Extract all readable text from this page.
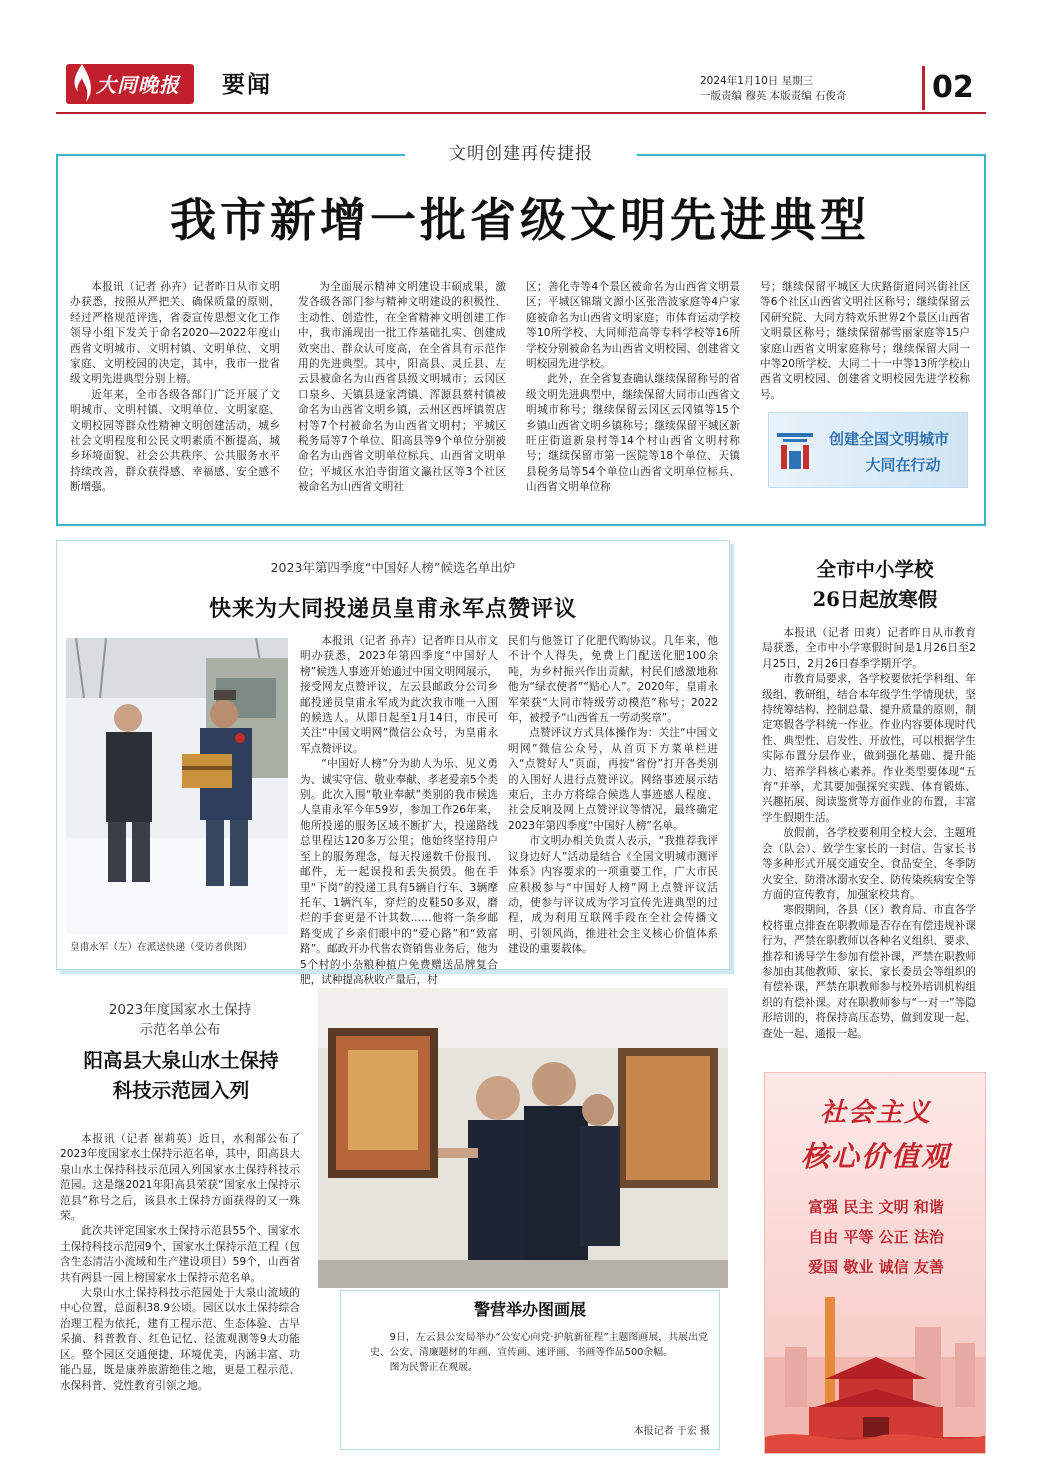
大同晚报	要闻	2024年1月10日 星期三
一版责编 穆英 本版责编 石俊奇	02
文明创建再传捷报
我市新增一批省级文明先进典型

本报讯（记者 孙卉）记者昨日从市文明办获悉，按照从严把关、确保质量的原则，经过严格规范评选，省委宣传思想文化工作领导小组下发关于命名2020—2022年度山西省文明城市、文明村镇、文明单位、文明家庭、文明校园的决定，其中，我市一批省级文明先进典型分别上榜。

近年来，全市各级各部门广泛开展了文明城市、文明村镇、文明单位、文明家庭、文明校园等群众性精神文明创建活动，城乡社会文明程度和公民文明素质不断提高，城乡环境面貌、社会公共秩序、公共服务水平持续改善，群众获得感、幸福感、安全感不断增强。

为全面展示精神文明建设丰硕成果，激发各级各部门参与精神文明建设的积极性、主动性、创造性，在全省精神文明创建工作中，我市涌现出一批工作基础扎实、创建成效突出、群众认可度高，在全省具有示范作用的先进典型。其中，阳高县、灵丘县、左云县被命名为山西省县级文明城市；云冈区口泉乡、天镇县逯家湾镇、浑源县蔡村镇被命名为山西省文明乡镇，云州区西坪镇贺店村等7个村被命名为山西省文明村；平城区税务局等7个单位、阳高县等9个单位分别被命名为山西省文明单位标兵、山西省文明单位；平城区水泊寺街道文瀛社区等3个社区被命名为山西省文明社

区；善化寺等4个景区被命名为山西省文明景区；平城区锦瑞文源小区张浩波家庭等4户家庭被命名为山西省文明家庭；市体育运动学校等10所学校、大同师范高等专科学校等16所学校分别被命名为山西省文明校园、创建省文明校园先进学校。

此外，在全省复查确认继续保留称号的省级文明先进典型中，继续保留大同市山西省文明城市称号；继续保留云冈区云冈镇等15个乡镇山西省文明乡镇称号；继续保留平城区新旺庄街道新泉村等14个村山西省文明村称号；继续保留市第一医院等18个单位、天镇县税务局等54个单位山西省文明单位标兵、山西省文明单位称

号；继续保留平城区大庆路街道同兴街社区等6个社区山西省文明社区称号；继续保留云冈研究院、大同方特欢乐世界2个景区山西省文明景区称号；继续保留郝雪丽家庭等15户家庭山西省文明家庭称号；继续保留大同一中等20所学校、大同二十一中等13所学校山西省文明校园、创建省文明校园先进学校称号。

创建全国文明城市
大同在行动
2023年第四季度“中国好人榜”候选名单出炉
快来为大同投递员皇甫永军点赞评议
皇甫永军（左）在派送快递（受访者供图）

本报讯（记者 孙卉）记者昨日从市文明办获悉，2023年第四季度“中国好人榜”候选人事迹开始通过中国文明网展示，接受网友点赞评议，左云县邮政分公司乡邮投递员皇甫永军成为此次我市唯一入围的候选人。从即日起至1月14日，市民可关注“中国文明网”微信公众号，为皇甫永军点赞评议。

“中国好人榜”分为助人为乐、见义勇为、诚实守信、敬业奉献、孝老爱亲5个类别。此次入围“敬业奉献”类别的我市候选人皇甫永军今年59岁，参加工作26年来，他所投递的服务区域不断扩大，投递路线总里程达120多万公里；他始终坚持用户至上的服务理念，每天投递数千份报刊、邮件，无一起误投和丢失损毁。他在手里“下岗”的投递工具有5辆自行车、3辆摩托车、1辆汽车，穿烂的皮鞋50多双，磨烂的手套更是不计其数……他将一条乡邮路变成了乡亲们眼中的“爱心路”和“致富路”。邮政开办代售农资销售业务后，他为5个村的小杂粮种植户免费赠送品牌复合肥，试种提高秋收产量后，村

民们与他签订了化肥代购协议。几年来，他不计个人得失，免费上门配送化肥100余吨，为乡村振兴作出贡献，村民们感激地称他为“绿衣使者”“贴心人”。2020年，皇甫永军荣获“大同市特级劳动模范”称号；2022年，被授予“山西省五一劳动奖章”。

点赞评议方式具体操作为：关注“中国文明网”微信公众号，从首页下方菜单栏进入“点赞好人”页面，再按“省份”打开各类别的入围好人进行点赞评议。网络事迹展示结束后，主办方将综合候选人事迹感人程度、社会反响及网上点赞评议等情况，最终确定2023年第四季度“中国好人榜”名单。

市文明办相关负责人表示，“我推荐我评议身边好人”活动是结合《全国文明城市测评体系》内容要求的一项重要工作，广大市民应积极参与“中国好人榜”网上点赞评议活动，使参与评议成为学习宣传先进典型的过程，成为利用互联网手段在全社会传播文明、引领风尚，推进社会主义核心价值体系建设的重要载体。

全市中小学校
26日起放寒假

本报讯（记者 田爽）记者昨日从市教育局获悉，全市中小学寒假时间是1月26日至2月25日，2月26日春季学期开学。

市教育局要求，各学校要依托学科组、年级组、教研组，结合本年级学生学情现状，坚持统筹结构、控制总量、提升质量的原则，制定寒假各学科统一作业。作业内容要体现时代性、典型性、启发性、开放性，可以根据学生实际布置分层作业，做到强化基础、提升能力、培养学科核心素养。作业类型要体现“五育”并举，尤其要加强探究实践、体育锻炼、兴趣拓展、阅读鉴赏等方面作业的布置，丰富学生假期生活。

放假前，各学校要利用全校大会、主题班会（队会）、致学生家长的一封信、告家长书等多种形式开展交通安全、食品安全、冬季防火安全、防滑冰溺水安全、防传染疾病安全等方面的宣传教育，加强家校共育。

寒假期间，各县（区）教育局、市直各学校将重点排查在职教师是否存在有偿违规补课行为，严禁在职教师以各种名义组织、要求、推荐和诱导学生参加有偿补课，严禁在职教师参加由其他教师、家长、家长委员会等组织的有偿补课，严禁在职教师参与校外培训机构组织的有偿补课。对在职教师参与“一对一”等隐形培训的，将保持高压态势，做到发现一起、查处一起、通报一起。

2023年度国家水土保持
示范名单公布
阳高县大泉山水土保持
科技示范园入列

本报讯（记者 崔莉英）近日，水利部公布了2023年度国家水土保持示范名单，其中，阳高县大泉山水土保持科技示范园入列国家水土保持科技示范园。这是继2021年阳高县荣获“国家水土保持示范县”称号之后，该县水土保持方面获得的又一殊荣。

此次共评定国家水土保持示范县55个、国家水土保持科技示范园9个、国家水土保持示范工程（包含生态清洁小流域和生产建设项目）59个，山西省共有两县一园上榜国家水土保持示范名单。

大泉山水土保持科技示范园处于大泉山流域的中心位置，总面积38.9公顷。园区以水土保持综合治理工程为依托，建有工程示范、生态体验、古早采摘、科普教育、红色记忆、径流观测等9大功能区。整个园区交通便捷、环境优美，内涵丰富、功能凸显，既是康养旅游绝佳之地，更是工程示范、水保科普、党性教育引领之地。

警营举办图画展

9日，左云县公安局举办“公安心向党·护航新征程”主题图画展，共展出党史、公安、清廉题材的年画、宣传画、速评画、书画等作品500余幅。

图为民警正在观展。

本报记者 于宏 摄
社会主义
核心价值观
富强 民主 文明 和谐
自由 平等 公正 法治
爱国 敬业 诚信 友善
